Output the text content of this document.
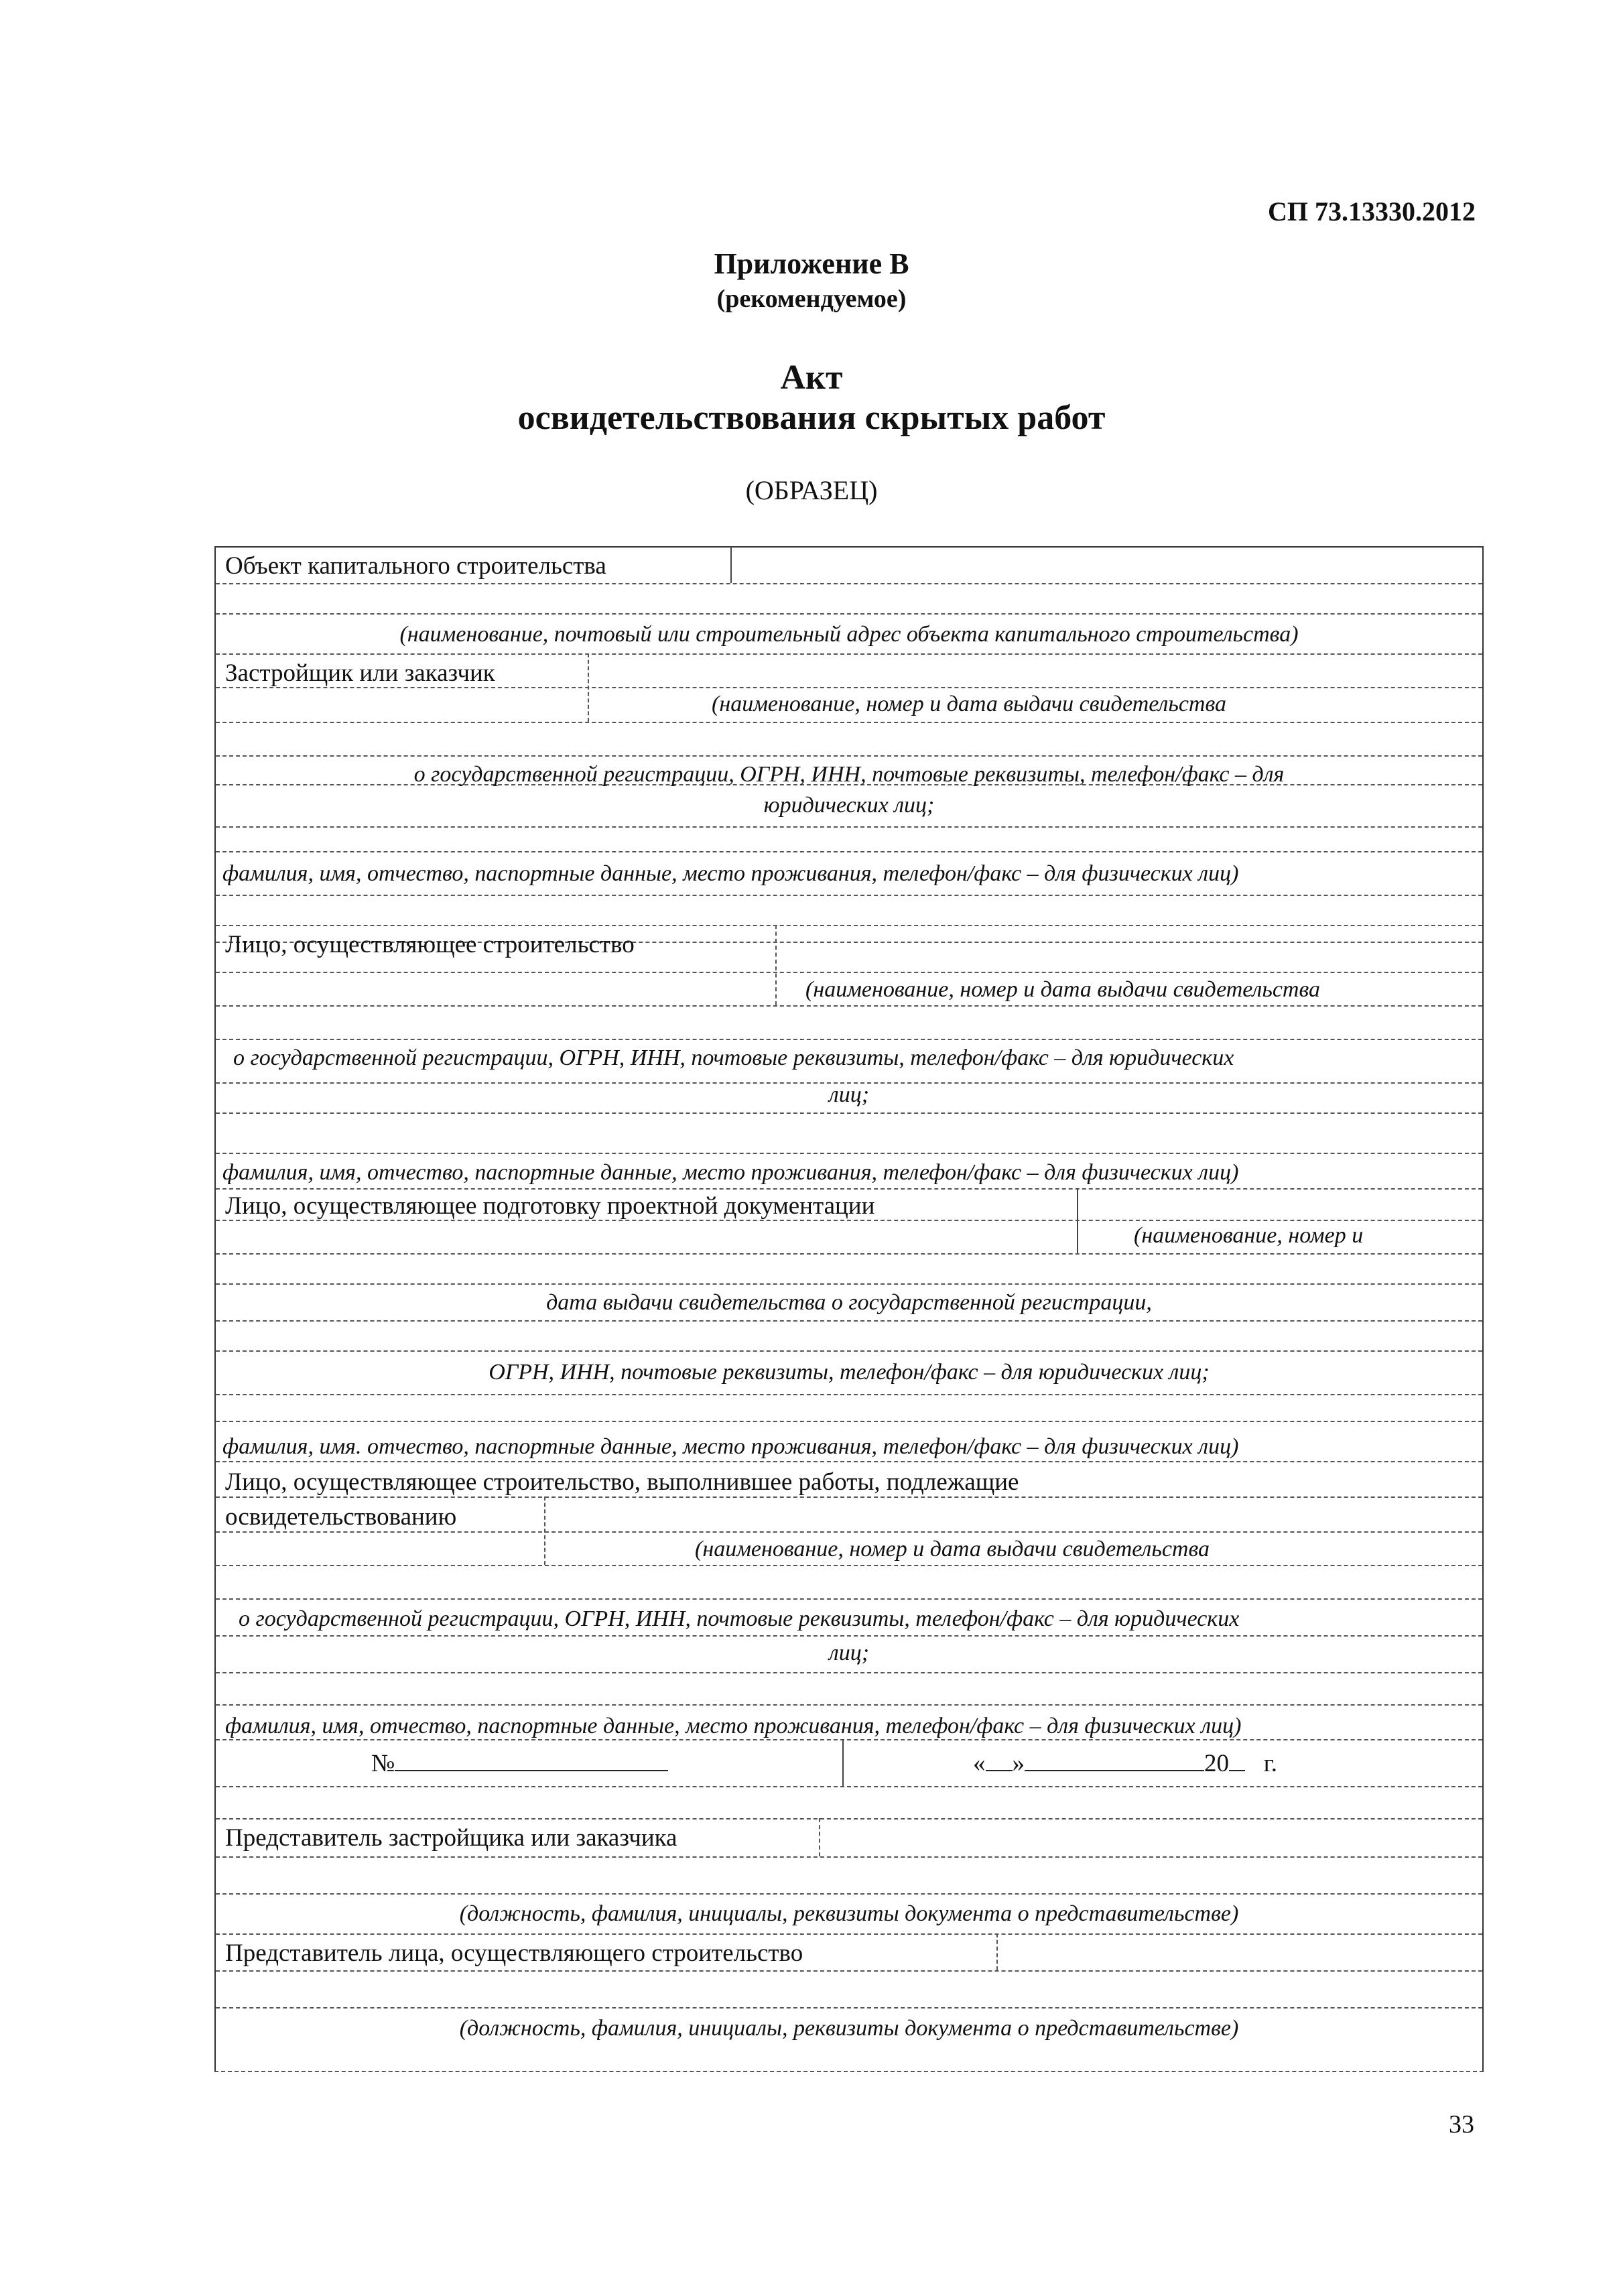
СП 73.13330.2012
Приложение В
(рекомендуемое)
Акт
освидетельствования скрытых работ
(ОБРАЗЕЦ)
Объект капитального строительства
(наименование, почтовый или строительный адрес объекта капитального строительства)
Застройщик или заказчик
(наименование, номер и дата выдачи свидетельства
о государственной регистрации, ОГРН, ИНН, почтовые реквизиты, телефон/факс – для
юридических лиц;
фамилия, имя, отчество, паспортные данные, место проживания, телефон/факс – для физических лиц)
Лицо, осуществляющее строительство
(наименование, номер и дата выдачи свидетельства
о государственной регистрации, ОГРН, ИНН, почтовые реквизиты, телефон/факс – для юридических
лиц;
фамилия, имя, отчество, паспортные данные, место проживания, телефон/факс – для физических лиц)
Лицо, осуществляющее подготовку проектной документации
(наименование, номер и
дата выдачи свидетельства о государственной регистрации,
ОГРН, ИНН, почтовые реквизиты, телефон/факс – для юридических лиц;
фамилия, имя. отчество, паспортные данные, место проживания, телефон/факс – для физических лиц)
Лицо, осуществляющее строительство, выполнившее работы, подлежащие
освидетельствованию
(наименование, номер и дата выдачи свидетельства
о государственной регистрации, ОГРН, ИНН, почтовые реквизиты, телефон/факс – для юридических
лиц;
фамилия, имя, отчество, паспортные данные, место проживания, телефон/факс – для физических лиц)
№	« »	20 г.
Представитель застройщика или заказчика
(должность, фамилия, инициалы, реквизиты документа о представительстве)
Представитель лица, осуществляющего строительство
(должность, фамилия, инициалы, реквизиты документа о представительстве)
33
